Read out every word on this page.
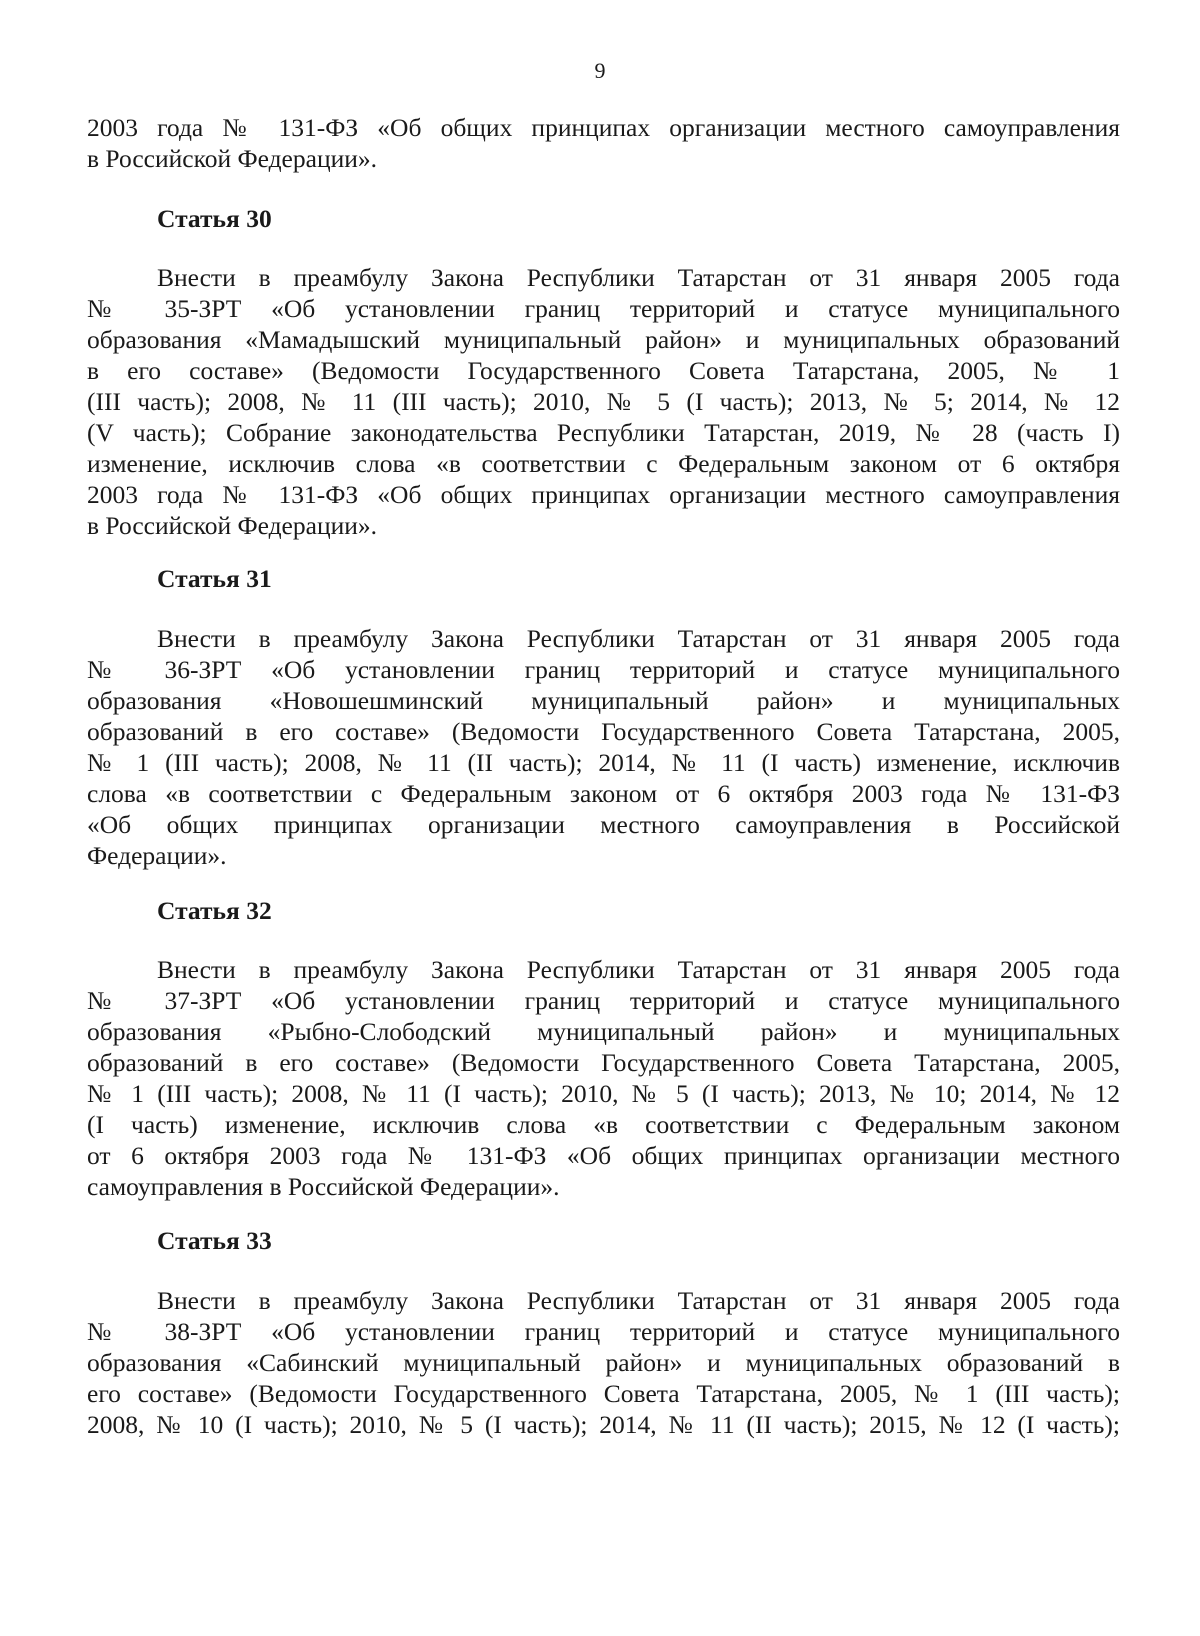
9
2003 года № 131-ФЗ «Об общих принципах организации местного самоуправления
в Российской Федерации».
Статья 30
Внести в преамбулу Закона Республики Татарстан от 31 января 2005 года
№ 35-ЗРТ «Об установлении границ территорий и статусе муниципального
образования «Мамадышский муниципальный район» и муниципальных образований
в его составе» (Ведомости Государственного Совета Татарстана, 2005, № 1
(III часть); 2008, № 11 (III часть); 2010, № 5 (I часть); 2013, № 5; 2014, № 12
(V часть); Собрание законодательства Республики Татарстан, 2019, № 28 (часть I)
изменение, исключив слова «в соответствии с Федеральным законом от 6 октября
2003 года № 131-ФЗ «Об общих принципах организации местного самоуправления
в Российской Федерации».
Статья 31
Внести в преамбулу Закона Республики Татарстан от 31 января 2005 года
№ 36-ЗРТ «Об установлении границ территорий и статусе муниципального
образования «Новошешминский муниципальный район» и муниципальных
образований в его составе» (Ведомости Государственного Совета Татарстана, 2005,
№ 1 (III часть); 2008, № 11 (II часть); 2014, № 11 (I часть) изменение, исключив
слова «в соответствии с Федеральным законом от 6 октября 2003 года № 131-ФЗ
«Об общих принципах организации местного самоуправления в Российской
Федерации».
Статья 32
Внести в преамбулу Закона Республики Татарстан от 31 января 2005 года
№ 37-ЗРТ «Об установлении границ территорий и статусе муниципального
образования «Рыбно-Слободский муниципальный район» и муниципальных
образований в его составе» (Ведомости Государственного Совета Татарстана, 2005,
№ 1 (III часть); 2008, № 11 (I часть); 2010, № 5 (I часть); 2013, № 10; 2014, № 12
(I часть) изменение, исключив слова «в соответствии с Федеральным законом
от 6 октября 2003 года № 131-ФЗ «Об общих принципах организации местного
самоуправления в Российской Федерации».
Статья 33
Внести в преамбулу Закона Республики Татарстан от 31 января 2005 года
№ 38-ЗРТ «Об установлении границ территорий и статусе муниципального
образования «Сабинский муниципальный район» и муниципальных образований в
его составе» (Ведомости Государственного Совета Татарстана, 2005, № 1 (III часть);
2008, № 10 (I часть); 2010, № 5 (I часть); 2014, № 11 (II часть); 2015, № 12 (I часть);
